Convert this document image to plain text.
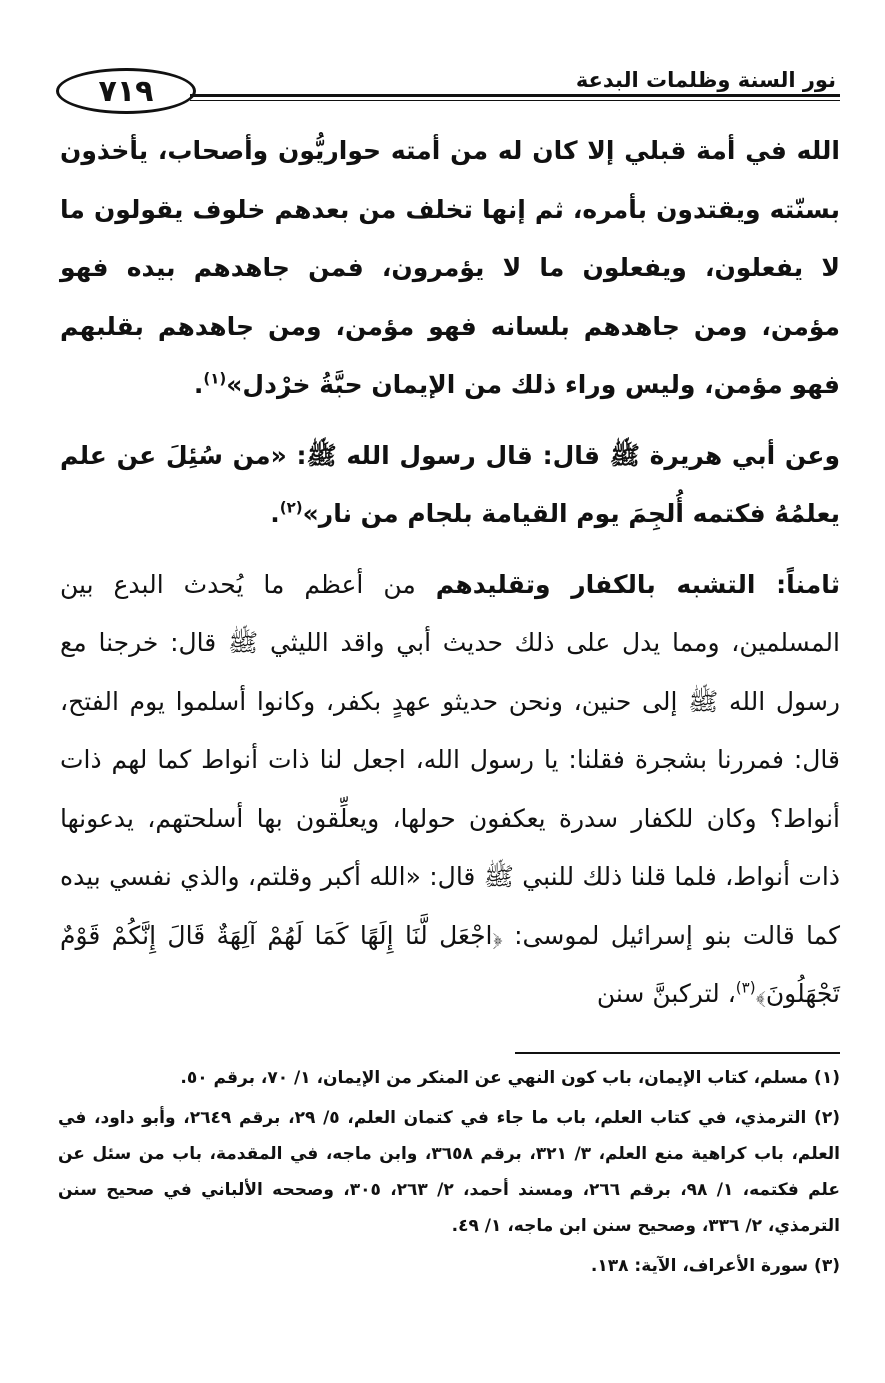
٧١٩	نور السنة وظلمات البدعة

الله في أمة قبلي إلا كان له من أمته حواريُّون وأصحاب، يأخذون بسنّته ويقتدون بأمره، ثم إنها تخلف من بعدهم خلوف يقولون ما لا يفعلون، ويفعلون ما لا يؤمرون، فمن جاهدهم بيده فهو مؤمن، ومن جاهدهم بلسانه فهو مؤمن، ومن جاهدهم بقلبهم فهو مؤمن، وليس وراء ذلك من الإيمان حبَّةُ خرْدل»$^{(١)}$.

وعن أبي هريرة ﷺ قال: قال رسول الله ﷺ: «من سُئِلَ عن علم يعلمُهُ فكتمه أُلجِمَ يوم القيامة بلجام من نار»$^{(٢)}$.

ثامناً: التشبه بالكفار وتقليدهم من أعظم ما يُحدث البدع بين المسلمين، ومما يدل على ذلك حديث أبي واقد الليثي ﷺ قال: خرجنا مع رسول الله ﷺ إلى حنين، ونحن حديثو عهدٍ بكفر، وكانوا أسلموا يوم الفتح، قال: فمررنا بشجرة فقلنا: يا رسول الله، اجعل لنا ذات أنواط كما لهم ذات أنواط؟ وكان للكفار سدرة يعكفون حولها، ويعلِّقون بها أسلحتهم، يدعونها ذات أنواط، فلما قلنا ذلك للنبي ﷺ قال: «الله أكبر وقلتم، والذي نفسي بيده كما قالت بنو إسرائيل لموسى: ﴿اجْعَل لَّنَا إِلَهًا كَمَا لَهُمْ آلِهَةٌ قَالَ إِنَّكُمْ قَوْمٌ تَجْهَلُونَ﴾$^{(٣)}$، لتركبنَّ سنن

(١) مسلم، كتاب الإيمان، باب كون النهي عن المنكر من الإيمان، ١/ ٧٠، برقم ٥٠.

(٢) الترمذي، في كتاب العلم، باب ما جاء في كتمان العلم، ٥/ ٢٩، برقم ٢٦٤٩، وأبو داود، في العلم، باب كراهية منع العلم، ٣/ ٣٢١، برقم ٣٦٥٨، وابن ماجه، في المقدمة، باب من سئل عن علم فكتمه، ١/ ٩٨، برقم ٢٦٦، ومسند أحمد، ٢/ ٢٦٣، ٣٠٥، وصححه الألباني في صحيح سنن الترمذي، ٢/ ٣٣٦، وصحيح سنن ابن ماجه، ١/ ٤٩.

(٣) سورة الأعراف، الآية: ١٣٨.
